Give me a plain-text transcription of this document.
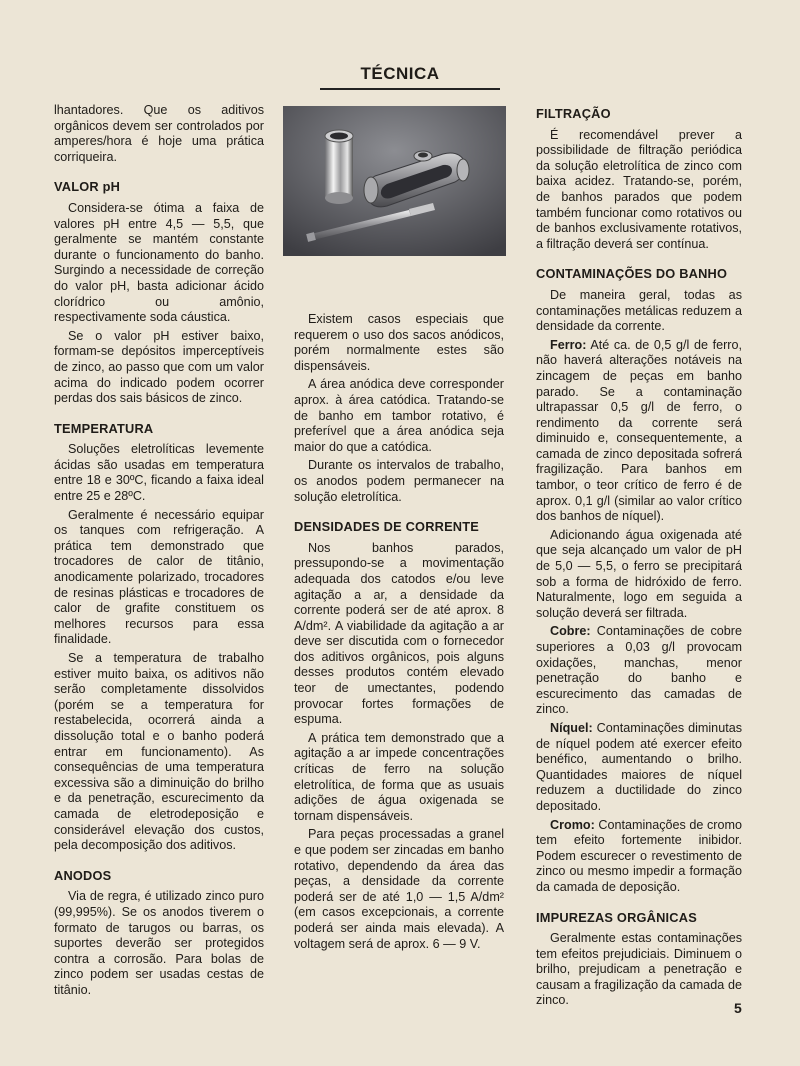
TÉCNICA

lhantadores. Que os aditivos orgânicos devem ser controlados por amperes/hora é hoje uma prática corriqueira.

VALOR pH

Considera-se ótima a faixa de valores pH entre 4,5 — 5,5, que geralmente se mantém constante durante o funcionamento do banho. Surgindo a necessidade de correção do valor pH, basta adicionar ácido clorídrico ou amônio, respectivamente soda cáustica.

Se o valor pH estiver baixo, formam-se depósitos imperceptíveis de zinco, ao passo que com um valor acima do indicado podem ocorrer perdas dos sais básicos de zinco.

TEMPERATURA

Soluções eletrolíticas levemente ácidas são usadas em temperatura entre 18 e 30ºC, ficando a faixa ideal entre 25 e 28ºC.

Geralmente é necessário equipar os tanques com refrigeração. A prática tem demonstrado que trocadores de calor de titânio, anodicamente polarizado, trocadores de resinas plásticas e trocadores de calor de grafite constituem os melhores recursos para essa finalidade.

Se a temperatura de trabalho estiver muito baixa, os aditivos não serão completamente dissolvidos (porém se a temperatura for restabelecida, ocorrerá ainda a dissolução total e o banho poderá entrar em funcionamento). As consequências de uma temperatura excessiva são a diminuição do brilho e da penetração, escurecimento da camada de eletrodeposição e considerável elevação dos custos, pela decomposição dos aditivos.

ANODOS

Via de regra, é utilizado zinco puro (99,995%). Se os anodos tiverem o formato de tarugos ou barras, os suportes deverão ser protegidos contra a corrosão. Para bolas de zinco podem ser usadas cestas de titânio.

Existem casos especiais que requerem o uso dos sacos anódicos, porém normalmente estes são dispensáveis.

A área anódica deve corresponder aprox. à área catódica. Tratando-se de banho em tambor rotativo, é preferível que a área anódica seja maior do que a catódica.

Durante os intervalos de trabalho, os anodos podem permanecer na solução eletrolítica.

DENSIDADES DE CORRENTE

Nos banhos parados, pressupondo-se a movimentação adequada dos catodos e/ou leve agitação a ar, a densidade da corrente poderá ser de até aprox. 8 A/dm². A viabilidade da agitação a ar deve ser discutida com o fornecedor dos aditivos orgânicos, pois alguns desses produtos contém elevado teor de umectantes, podendo provocar fortes formações de espuma.

A prática tem demonstrado que a agitação a ar impede concentrações críticas de ferro na solução eletrolítica, de forma que as usuais adições de água oxigenada se tornam dispensáveis.

Para peças processadas a granel e que podem ser zincadas em banho rotativo, dependendo da área das peças, a densidade da corrente poderá ser de até 1,0 — 1,5 A/dm² (em casos excepcionais, a corrente poderá ser ainda mais elevada). A voltagem será de aprox. 6 — 9 V.

FILTRAÇÃO

É recomendável prever a possibilidade de filtração periódica da solução eletrolítica de zinco com baixa acidez. Tratando-se, porém, de banhos parados que podem também funcionar como rotativos ou de banhos exclusivamente rotativos, a filtração deverá ser contínua.

CONTAMINAÇÕES DO BANHO

De maneira geral, todas as contaminações metálicas reduzem a densidade da corrente.

Ferro: Até ca. de 0,5 g/l de ferro, não haverá alterações notáveis na zincagem de peças em banho parado. Se a contaminação ultrapassar 0,5 g/l de ferro, o rendimento da corrente será diminuido e, consequentemente, a camada de zinco depositada sofrerá fragilização. Para banhos em tambor, o teor crítico de ferro é de aprox. 0,1 g/l (similar ao valor crítico dos banhos de níquel).

Adicionando água oxigenada até que seja alcançado um valor de pH de 5,0 — 5,5, o ferro se precipitará sob a forma de hidróxido de ferro. Naturalmente, logo em seguida a solução deverá ser filtrada.

Cobre: Contaminações de cobre superiores a 0,03 g/l provocam oxidações, manchas, menor penetração do banho e escurecimento das camadas de zinco.

Níquel: Contaminações diminutas de níquel podem até exercer efeito benéfico, aumentando o brilho. Quantidades maiores de níquel reduzem a ductilidade do zinco depositado.

Cromo: Contaminações de cromo tem efeito fortemente inibidor. Podem escurecer o revestimento de zinco ou mesmo impedir a formação da camada de deposição.

IMPUREZAS ORGÂNICAS

Geralmente estas contaminações tem efeitos prejudiciais. Diminuem o brilho, prejudicam a penetração e causam a fragilização da camada de zinco.	5
